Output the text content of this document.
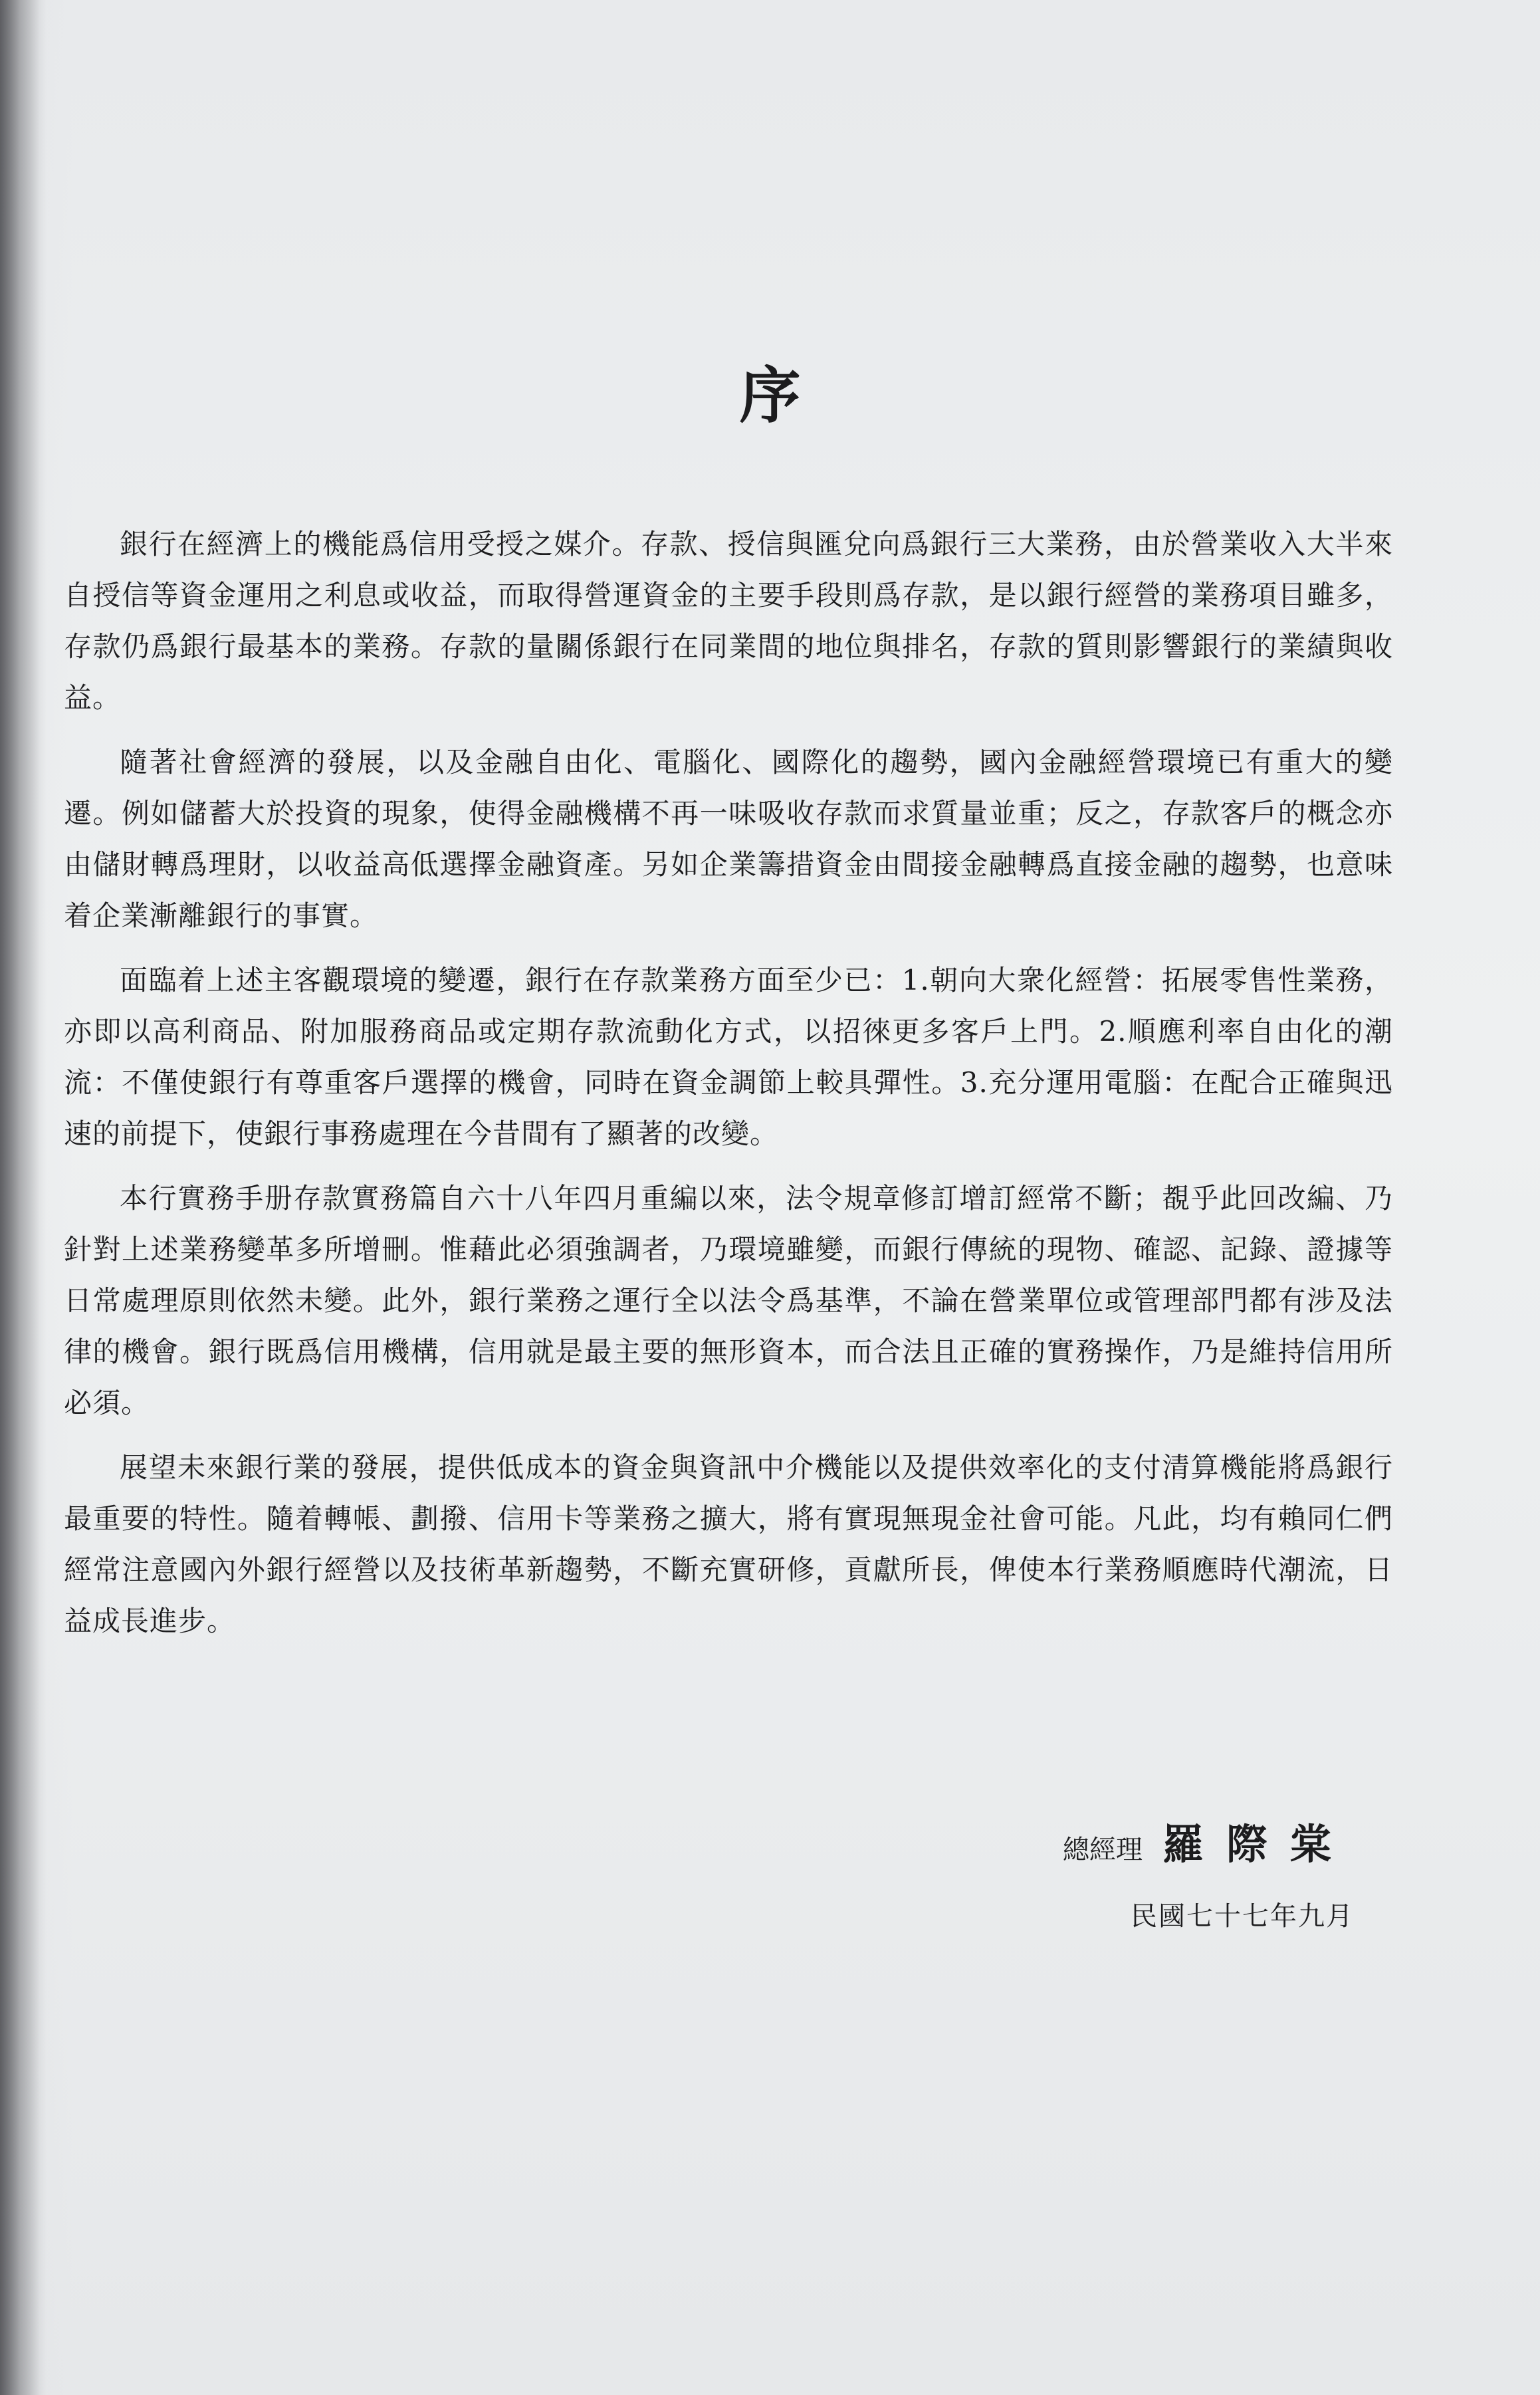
序

銀行在經濟上的機能爲信用受授之媒介。存款、授信與匯兌向爲銀行三大業務，由於營業收入大半來自授信等資金運用之利息或收益，而取得營運資金的主要手段則爲存款，是以銀行經營的業務項目雖多，存款仍爲銀行最基本的業務。存款的量關係銀行在同業間的地位與排名，存款的質則影響銀行的業績與收益。

隨著社會經濟的發展，以及金融自由化、電腦化、國際化的趨勢，國內金融經營環境已有重大的變遷。例如儲蓄大於投資的現象，使得金融機構不再一味吸收存款而求質量並重；反之，存款客戶的概念亦由儲財轉爲理財，以收益高低選擇金融資產。另如企業籌措資金由間接金融轉爲直接金融的趨勢，也意味着企業漸離銀行的事實。

面臨着上述主客觀環境的變遷，銀行在存款業務方面至少已：1.朝向大衆化經營：拓展零售性業務，亦即以高利商品、附加服務商品或定期存款流動化方式，以招徠更多客戶上門。2.順應利率自由化的潮流：不僅使銀行有尊重客戶選擇的機會，同時在資金調節上較具彈性。3.充分運用電腦：在配合正確與迅速的前提下，使銀行事務處理在今昔間有了顯著的改變。

本行實務手册存款實務篇自六十八年四月重編以來，法令規章修訂增訂經常不斷；覩乎此回改編、乃針對上述業務變革多所增刪。惟藉此必須強調者，乃環境雖變，而銀行傳統的現物、確認、記錄、證據等日常處理原則依然未變。此外，銀行業務之運行全以法令爲基準，不論在營業單位或管理部門都有涉及法律的機會。銀行既爲信用機構，信用就是最主要的無形資本，而合法且正確的實務操作，乃是維持信用所必須。

展望未來銀行業的發展，提供低成本的資金與資訊中介機能以及提供效率化的支付清算機能將爲銀行最重要的特性。隨着轉帳、劃撥、信用卡等業務之擴大，將有實現無現金社會可能。凡此，均有賴同仁們經常注意國內外銀行經營以及技術革新趨勢，不斷充實研修，貢獻所長，俾使本行業務順應時代潮流，日益成長進步。

總經理 羅際棠
民國七十七年九月
